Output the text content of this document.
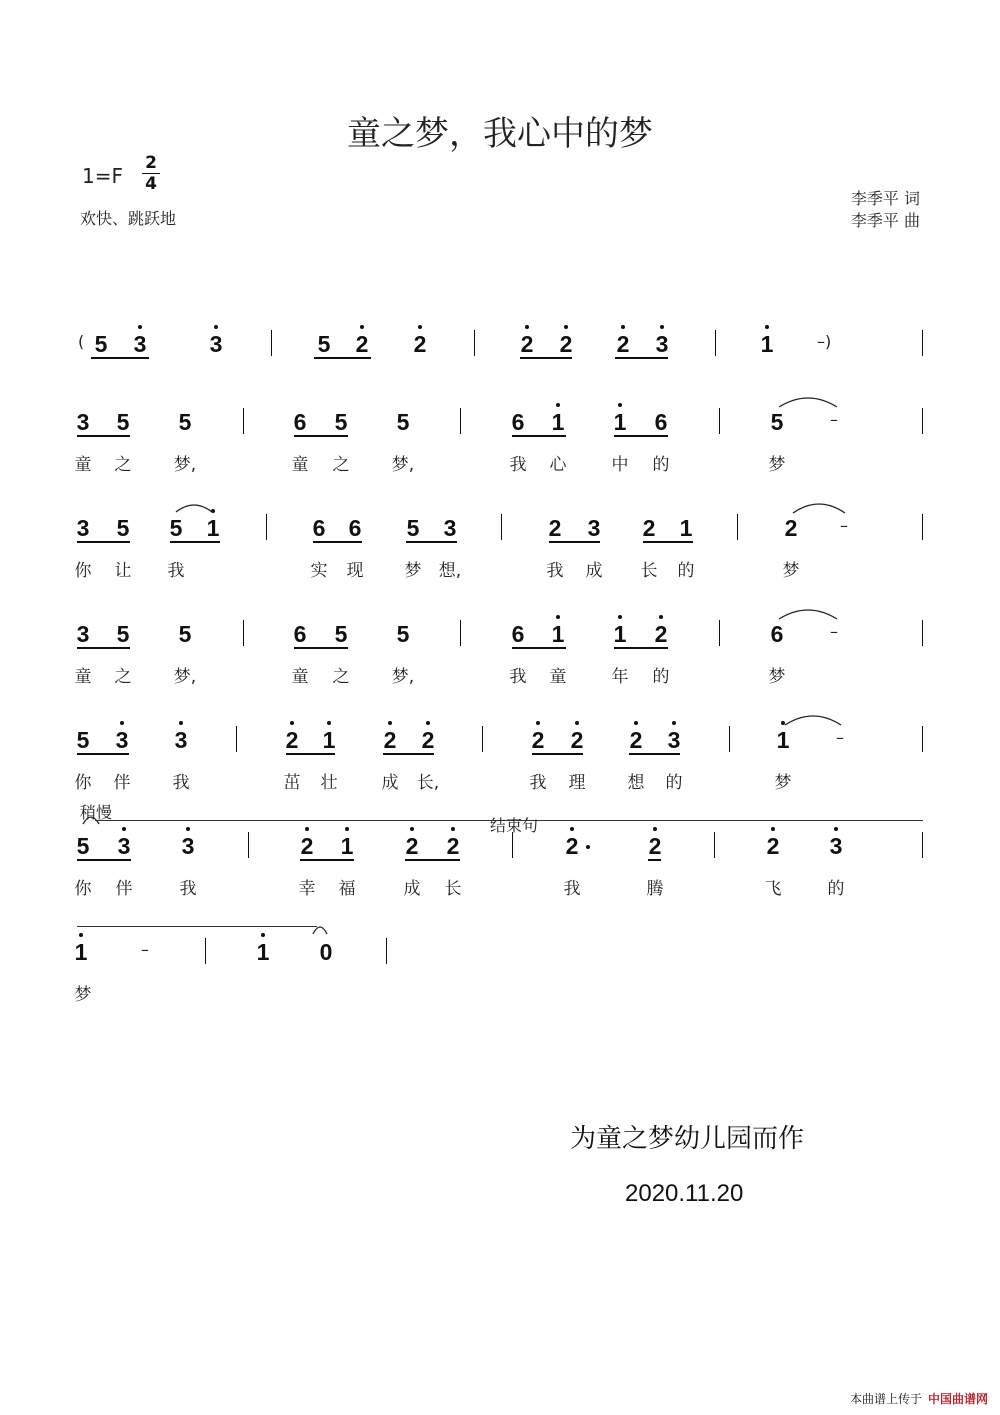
童之梦，我心中的梦
1=F
2
4
欢快、跳跃地
李季平 词
李季平 曲
( 5 3	3	5 2 2	2 2 2 3	1	–)
3 5 5	6 5 5	6 1 1 6	5	–
童 之 梦,	童 之 梦,	我 心	中 的	梦
3 5 5 1	6 6 5 3	2 3 2 1	2	–
你 让 我	实 现 梦 想,	我 成 长 的	梦
3 5 5	6 5 5	6 1 1 2	6	–
童 之 梦,	童 之 梦,	我 童	年 的	梦
5 3 3	2 1 2 2	2 2 2 3	1	–
你 伴 我	茁 壮	成 长,	我 理 想 的	梦
稍慢
结束句
5 3 3	2 1 2 2	2	2	2 3
你 伴	我	幸 福	成 长	我	腾	飞	的
1	–	1 0
梦
为童之梦幼儿园而作
2020.11.20
本曲谱上传于 中国曲谱网
